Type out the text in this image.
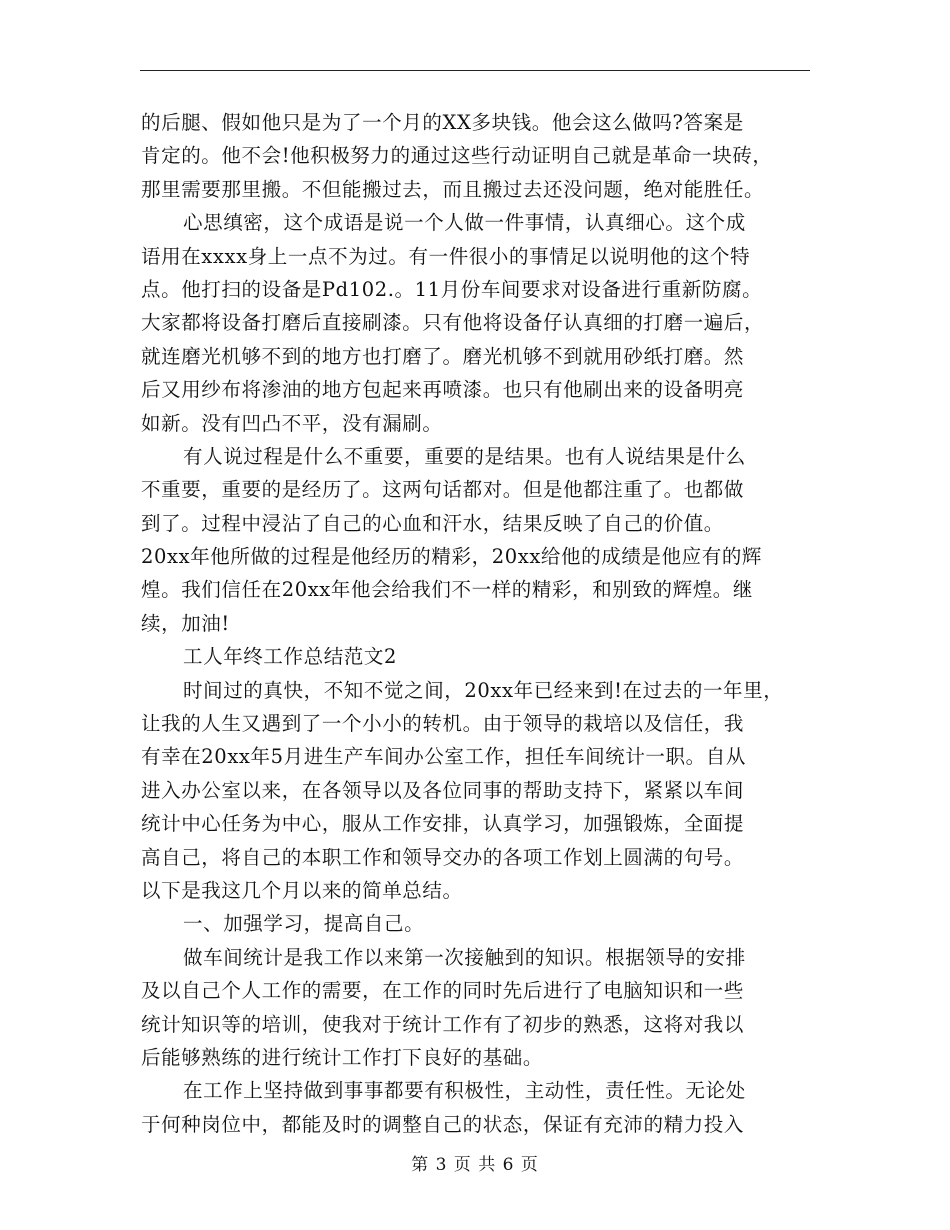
的后腿、假如他只是为了一个月的XX多块钱。他会这么做吗?答案是
肯定的。他不会!他积极努力的通过这些行动证明自己就是革命一块砖，
那里需要那里搬。不但能搬过去，而且搬过去还没问题，绝对能胜任。
心思缜密，这个成语是说一个人做一件事情，认真细心。这个成
语用在xxxx身上一点不为过。有一件很小的事情足以说明他的这个特
点。他打扫的设备是Pd102.。11月份车间要求对设备进行重新防腐。
大家都将设备打磨后直接刷漆。只有他将设备仔认真细的打磨一遍后，
就连磨光机够不到的地方也打磨了。磨光机够不到就用砂纸打磨。然
后又用纱布将渗油的地方包起来再喷漆。也只有他刷出来的设备明亮
如新。没有凹凸不平，没有漏刷。
有人说过程是什么不重要，重要的是结果。也有人说结果是什么
不重要，重要的是经历了。这两句话都对。但是他都注重了。也都做
到了。过程中浸沾了自己的心血和汗水，结果反映了自己的价值。
20xx年他所做的过程是他经历的精彩，20xx给他的成绩是他应有的辉
煌。我们信任在20xx年他会给我们不一样的精彩，和别致的辉煌。继
续，加油!
工人年终工作总结范文2
时间过的真快，不知不觉之间，20xx年已经来到!在过去的一年里，
让我的人生又遇到了一个小小的转机。由于领导的栽培以及信任，我
有幸在20xx年5月进生产车间办公室工作，担任车间统计一职。自从
进入办公室以来，在各领导以及各位同事的帮助支持下，紧紧以车间
统计中心任务为中心，服从工作安排，认真学习，加强锻炼，全面提
高自己，将自己的本职工作和领导交办的各项工作划上圆满的句号。
以下是我这几个月以来的简单总结。
一、加强学习，提高自己。
做车间统计是我工作以来第一次接触到的知识。根据领导的安排
及以自己个人工作的需要，在工作的同时先后进行了电脑知识和一些
统计知识等的培训，使我对于统计工作有了初步的熟悉，这将对我以
后能够熟练的进行统计工作打下良好的基础。
在工作上坚持做到事事都要有积极性，主动性，责任性。无论处
于何种岗位中，都能及时的调整自己的状态，保证有充沛的精力投入
第 3 页 共 6 页
